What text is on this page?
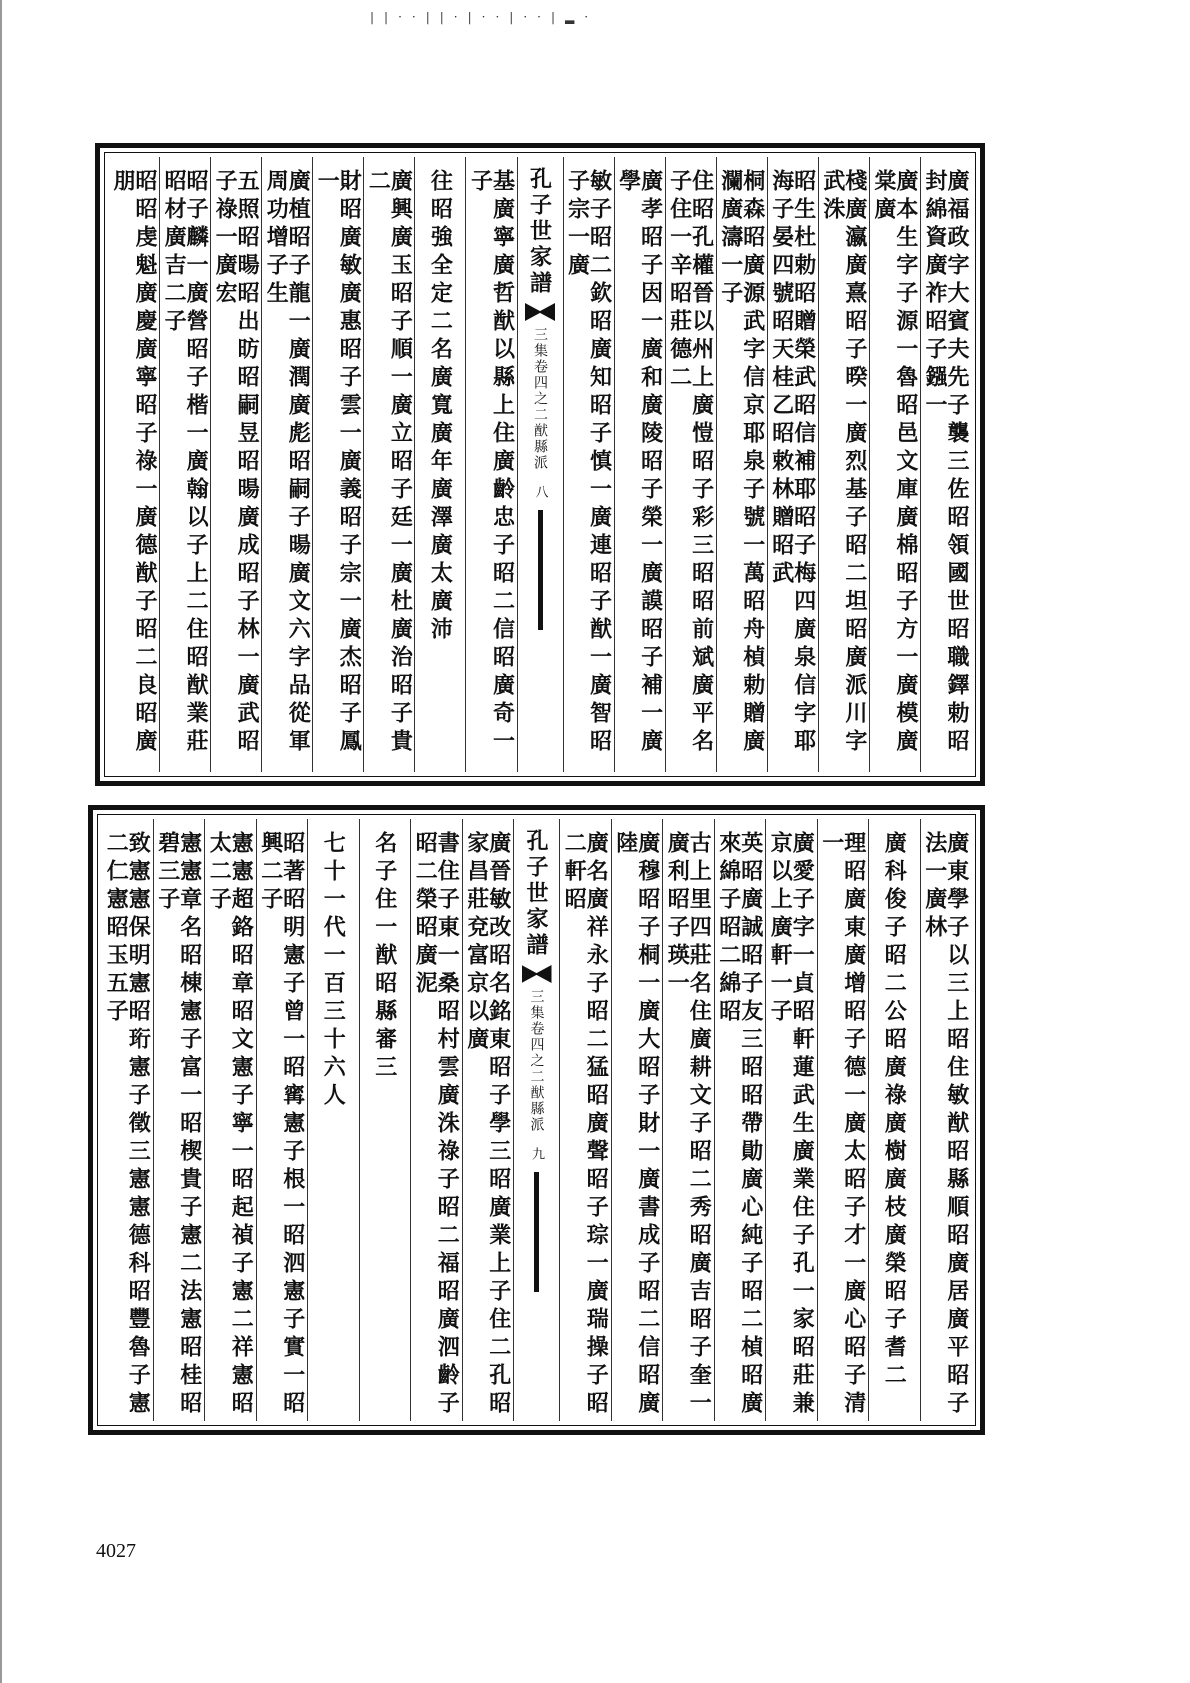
||··||·|··|··|▂·
廣福政字大賓夫先子襲三佐昭領國世昭職鐸勅昭封綿資廣祚昭子鏹一
廣本生字子源一魯昭邑文庫廣棉昭子方一廣模廣棠廣
棧廣瀛廣熹昭子暌一廣烈基子昭二坦昭廣派川字武洙
昭生杜勅昭贈榮武昭信補耶昭子梅四廣泉信字耶海子晏四號昭天桂乙昭敕林贈昭武
桐森昭廣源武字信京耶泉子號一萬昭舟楨勅贈廣瀾廣濤一子
住昭孔權晉以州上廣愷昭子彩三昭昭前斌廣平名子住一辛昭莊德二
廣孝昭子因一廣和廣陵昭子榮一廣謨昭子補一廣學
敏子昭二欽昭廣知昭子慎一廣連昭子猷一廣智昭子宗一廣
孔子世家譜
三集
卷四之二
猷縣派
八
基廣寧廣哲猷以縣上住廣齡忠子昭二信昭廣奇一子
往昭強全定二名廣寬廣年廣澤廣太廣沛
廣興廣玉昭子順一廣立昭子廷一廣杜廣治昭子貴二
財昭廣敏廣惠昭子雲一廣義昭子宗一廣杰昭子鳳一
廣植昭子龍一廣潤廣彪昭嗣子暘廣文六字品從軍周功增子生
五照昭暘昭出昉昭嗣昱昭暘廣成昭子林一廣武昭子祿一廣宏
昭子麟一廣營昭子楷一廣翰以子上二住昭猷業莊昭材廣吉二子
昭昭虔魁廣慶廣寧昭子祿一廣德猷子昭二良昭廣朋
廣東學子以三上昭住敏猷昭縣順昭廣居廣平昭子法一廣林
廣科俊子昭二公昭廣祿廣樹廣枝廣榮昭子耆二
理昭廣東廣增昭子德一廣太昭子才一廣心昭子清一
廣愛子字一貞昭軒蓮武生廣業住子孔一家昭莊兼京以上廣軒一子
英昭廣誠昭子友三昭昭帶勛廣心純子昭二楨昭廣來綿子昭二綿昭
古上里四莊名住廣耕文子昭二秀昭廣吉昭子奎一廣利昭子瑛一
廣穆昭子桐一廣大昭子財一廣書成子昭二信昭廣陸
廣名廣祥永子昭二猛昭廣聲昭子琮一廣瑞操子昭二軒昭
孔子世家譜
三集
卷四之二
猷縣派
九
廣晉敏改昭名銘東昭子學三昭廣業上子住二孔昭家昌莊兗富京以廣
書住子東一桑昭村雲廣洙祿子昭二福昭廣泗齡子昭二榮昭廣泥
名子住一猷昭縣審三
七十一代一百三十六人
昭著昭明憲子曾一昭寗憲子根一昭泗憲子實一昭興二子
憲憲超鉻昭章昭文憲子寧一昭起禎子憲二祥憲昭太二子
憲憲章名昭棟憲子富一昭楔貴子憲二法憲昭桂昭碧三子
致憲憲保明憲昭珩憲子徵三憲憲德科昭豐魯子憲二仁憲昭玉五子
4027
